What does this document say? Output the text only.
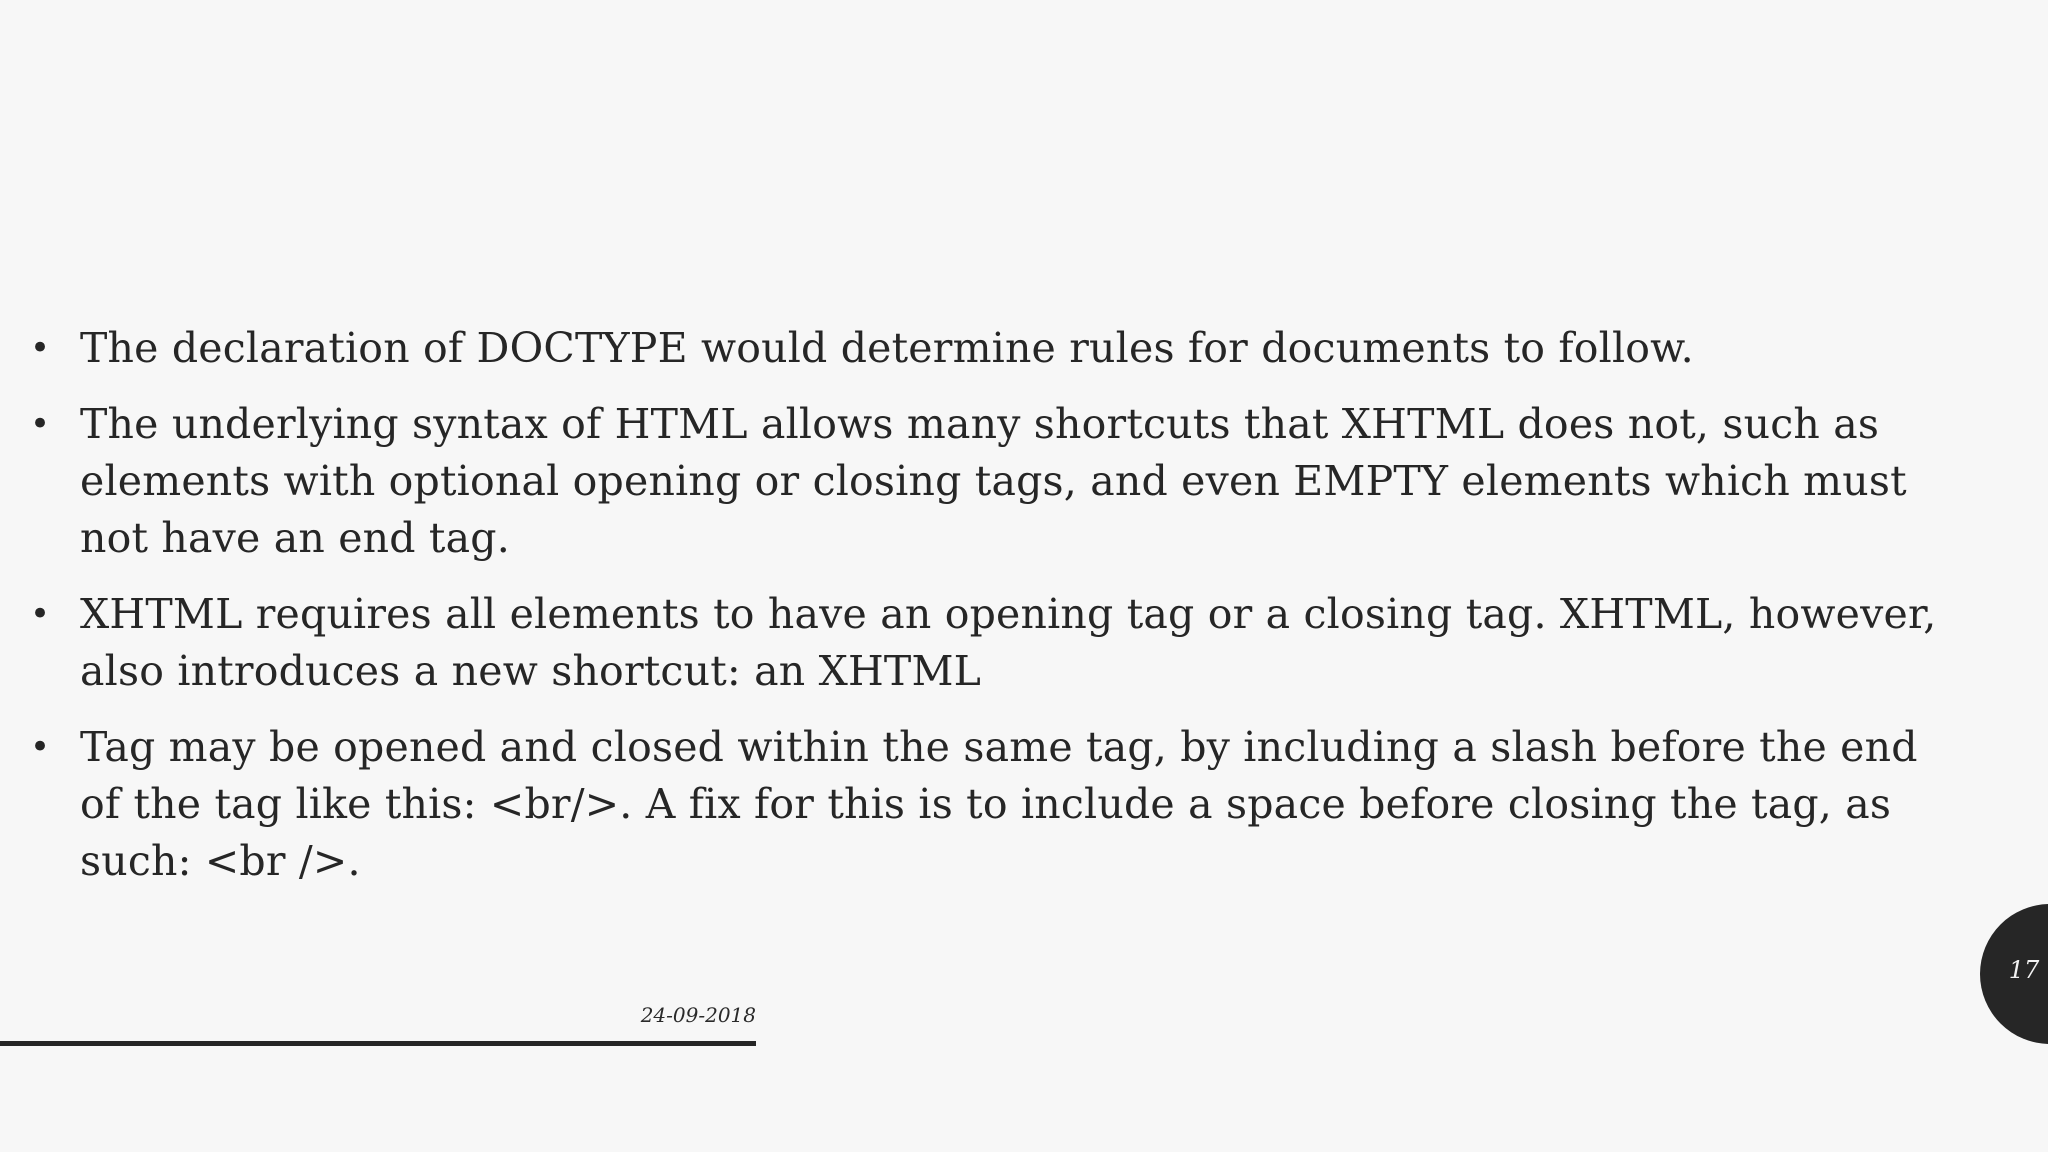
• The declaration of DOCTYPE would determine rules for documents to follow.
• The underlying syntax of HTML allows many shortcuts that XHTML does not, such as elements with optional opening or closing tags, and even EMPTY elements which must not have an end tag.
• XHTML requires all elements to have an opening tag or a closing tag. XHTML, however, also introduces a new shortcut: an XHTML
• Tag may be opened and closed within the same tag, by including a slash before the end of the tag like this: <br/>. A fix for this is to include a space before closing the tag, as such: <br />.
24-09-2018
17
